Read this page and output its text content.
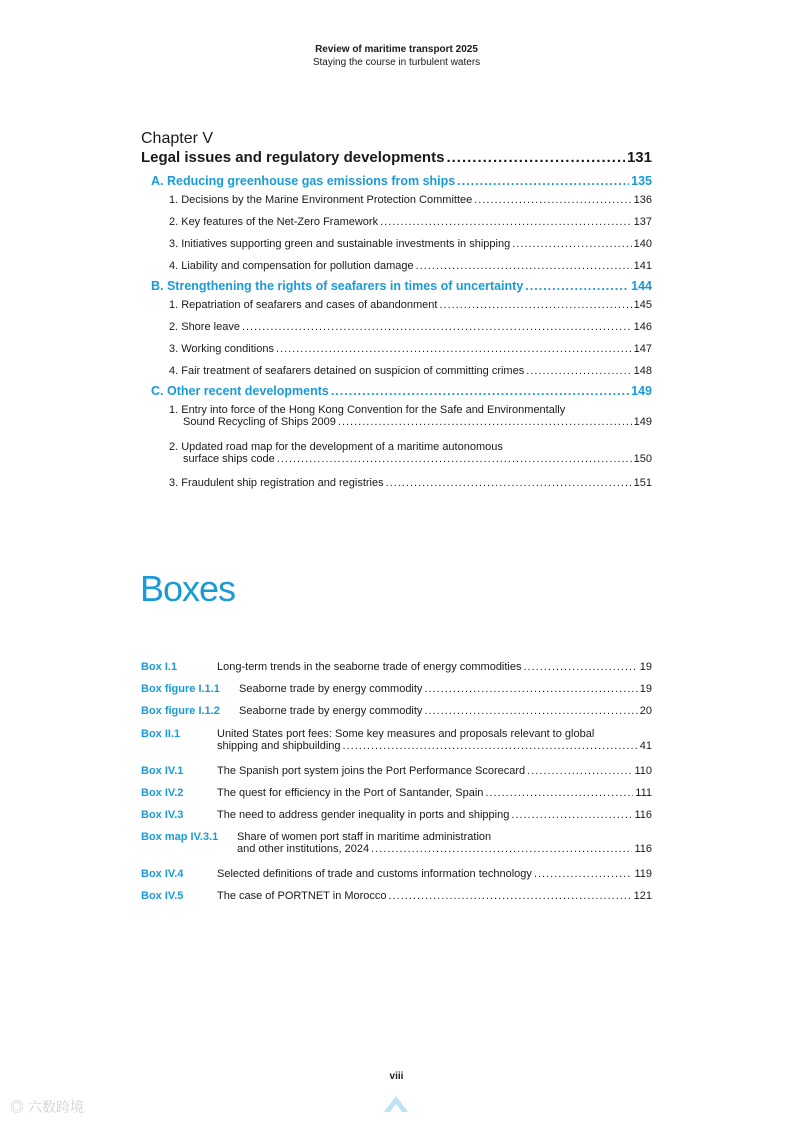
Review of maritime transport 2025
Staying the course in turbulent waters
Chapter V
Legal issues and regulatory developments .....	131
A. Reducing greenhouse gas emissions from ships .....	135
1. Decisions by the Marine Environment Protection Committee .....	136
2. Key features of the Net-Zero Framework .....	137
3. Initiatives supporting green and sustainable investments in shipping .....	140
4. Liability and compensation for pollution damage .....	141
B. Strengthening the rights of seafarers in times of uncertainty .....	144
1. Repatriation of seafarers and cases of abandonment .....	145
2. Shore leave .....	146
3. Working conditions .....	147
4. Fair treatment of seafarers detained on suspicion of committing crimes .....	148
C. Other recent developments .....	149
1. Entry into force of the Hong Kong Convention for the Safe and Environmentally
Sound Recycling of Ships 2009 .....	149
2. Updated road map for the development of a maritime autonomous
surface ships code .....	150
3. Fraudulent ship registration and registries .....	151
Boxes
Box I.1	Long-term trends in the seaborne trade of energy commodities .....	19
Box figure I.1.1	Seaborne trade by energy commodity .....	19
Box figure I.1.2	Seaborne trade by energy commodity .....	20
Box II.1	United States port fees: Some key measures and proposals relevant to global
shipping and shipbuilding .....	41
Box IV.1	The Spanish port system joins the Port Performance Scorecard .....	110
Box IV.2	The quest for efficiency in the Port of Santander, Spain .....	111
Box IV.3	The need to address gender inequality in ports and shipping .....	116
Box map IV.3.1 Share of women port staff in maritime administration
and other institutions, 2024 .....	116
Box IV.4	Selected definitions of trade and customs information technology .....	119
Box IV.5	The case of PORTNET in Morocco .....	121
viii
◎ 六数跨境
